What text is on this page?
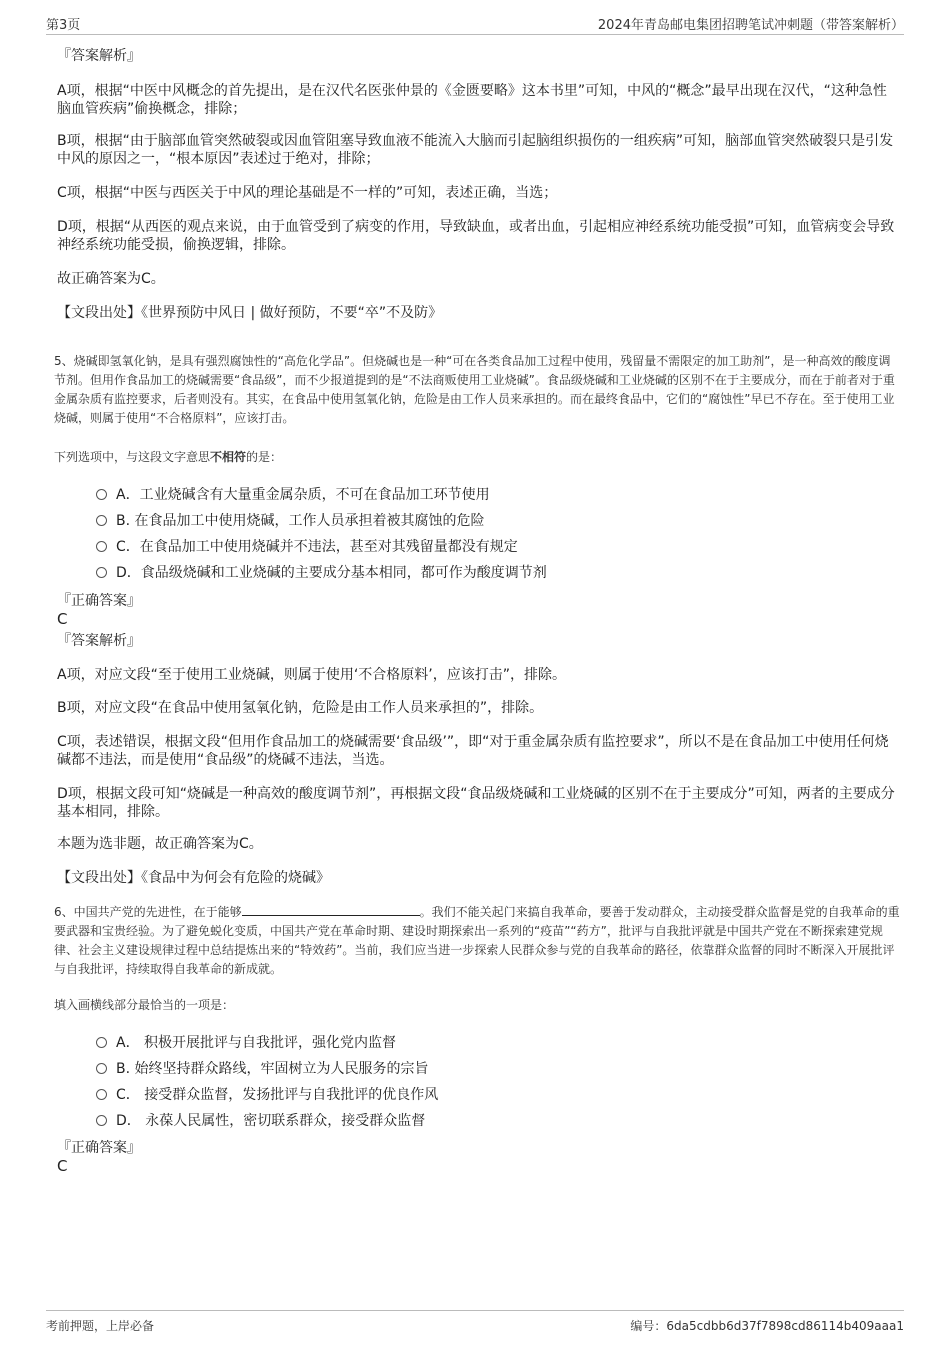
第3页	2024年青岛邮电集团招聘笔试冲刺题（带答案解析）
『答案解析』
A项，根据“中医中风概念的首先提出，是在汉代名医张仲景的《金匮要略》这本书里”可知，中风的“概念”最早出现在汉代，“这种急性脑血管疾病”偷换概念，排除；
B项，根据“由于脑部血管突然破裂或因血管阻塞导致血液不能流入大脑而引起脑组织损伤的一组疾病”可知，脑部血管突然破裂只是引发中风的原因之一，“根本原因”表述过于绝对，排除；
C项，根据“中医与西医关于中风的理论基础是不一样的”可知，表述正确，当选；
D项，根据“从西医的观点来说，由于血管受到了病变的作用，导致缺血，或者出血，引起相应神经系统功能受损”可知，血管病变会导致神经系统功能受损，偷换逻辑，排除。
故正确答案为C。
【文段出处】《世界预防中风日 | 做好预防，不要“卒”不及防》
5、烧碱即氢氧化钠，是具有强烈腐蚀性的“高危化学品”。但烧碱也是一种“可在各类食品加工过程中使用，残留量不需限定的加工助剂”，是一种高效的酸度调节剂。但用作食品加工的烧碱需要“食品级”，而不少报道提到的是“不法商贩使用工业烧碱”。食品级烧碱和工业烧碱的区别不在于主要成分，而在于前者对于重金属杂质有监控要求，后者则没有。其实，在食品中使用氢氧化钠，危险是由工作人员来承担的。而在最终食品中，它们的“腐蚀性”早已不存在。至于使用工业烧碱，则属于使用“不合格原料”，应该打击。
下列选项中，与这段文字意思不相符的是：
A．工业烧碱含有大量重金属杂质，不可在食品加工环节使用
B. 在食品加工中使用烧碱，工作人员承担着被其腐蚀的危险
C．在食品加工中使用烧碱并不违法，甚至对其残留量都没有规定
D．食品级烧碱和工业烧碱的主要成分基本相同，都可作为酸度调节剂
『正确答案』
C
『答案解析』
A项，对应文段“至于使用工业烧碱，则属于使用‘不合格原料’，应该打击”，排除。
B项，对应文段“在食品中使用氢氧化钠，危险是由工作人员来承担的”，排除。
C项，表述错误，根据文段“但用作食品加工的烧碱需要‘食品级’”，即“对于重金属杂质有监控要求”，所以不是在食品加工中使用任何烧碱都不违法，而是使用“食品级”的烧碱不违法，当选。
D项，根据文段可知“烧碱是一种高效的酸度调节剂”，再根据文段“食品级烧碱和工业烧碱的区别不在于主要成分”可知，两者的主要成分基本相同，排除。
本题为选非题，故正确答案为C。
【文段出处】《食品中为何会有危险的烧碱》
6、中国共产党的先进性，在于能够	。我们不能关起门来搞自我革命，要善于发动群众，主动接受群众监督是党的自我革命的重要武器和宝贵经验。为了避免蜕化变质，中国共产党在革命时期、建设时期探索出一系列的“疫苗”“药方”，批评与自我批评就是中国共产党在不断探索建党规律、社会主义建设规律过程中总结提炼出来的“特效药”。当前，我们应当进一步探索人民群众参与党的自我革命的路径，依靠群众监督的同时不断深入开展批评与自我批评，持续取得自我革命的新成就。
填入画横线部分最恰当的一项是：
A． 积极开展批评与自我批评，强化党内监督
B. 始终坚持群众路线，牢固树立为人民服务的宗旨
C． 接受群众监督，发扬批评与自我批评的优良作风
D． 永葆人民属性，密切联系群众，接受群众监督
『正确答案』
C
考前押题，上岸必备	编号：6da5cdbb6d37f7898cd86114b409aaa1
